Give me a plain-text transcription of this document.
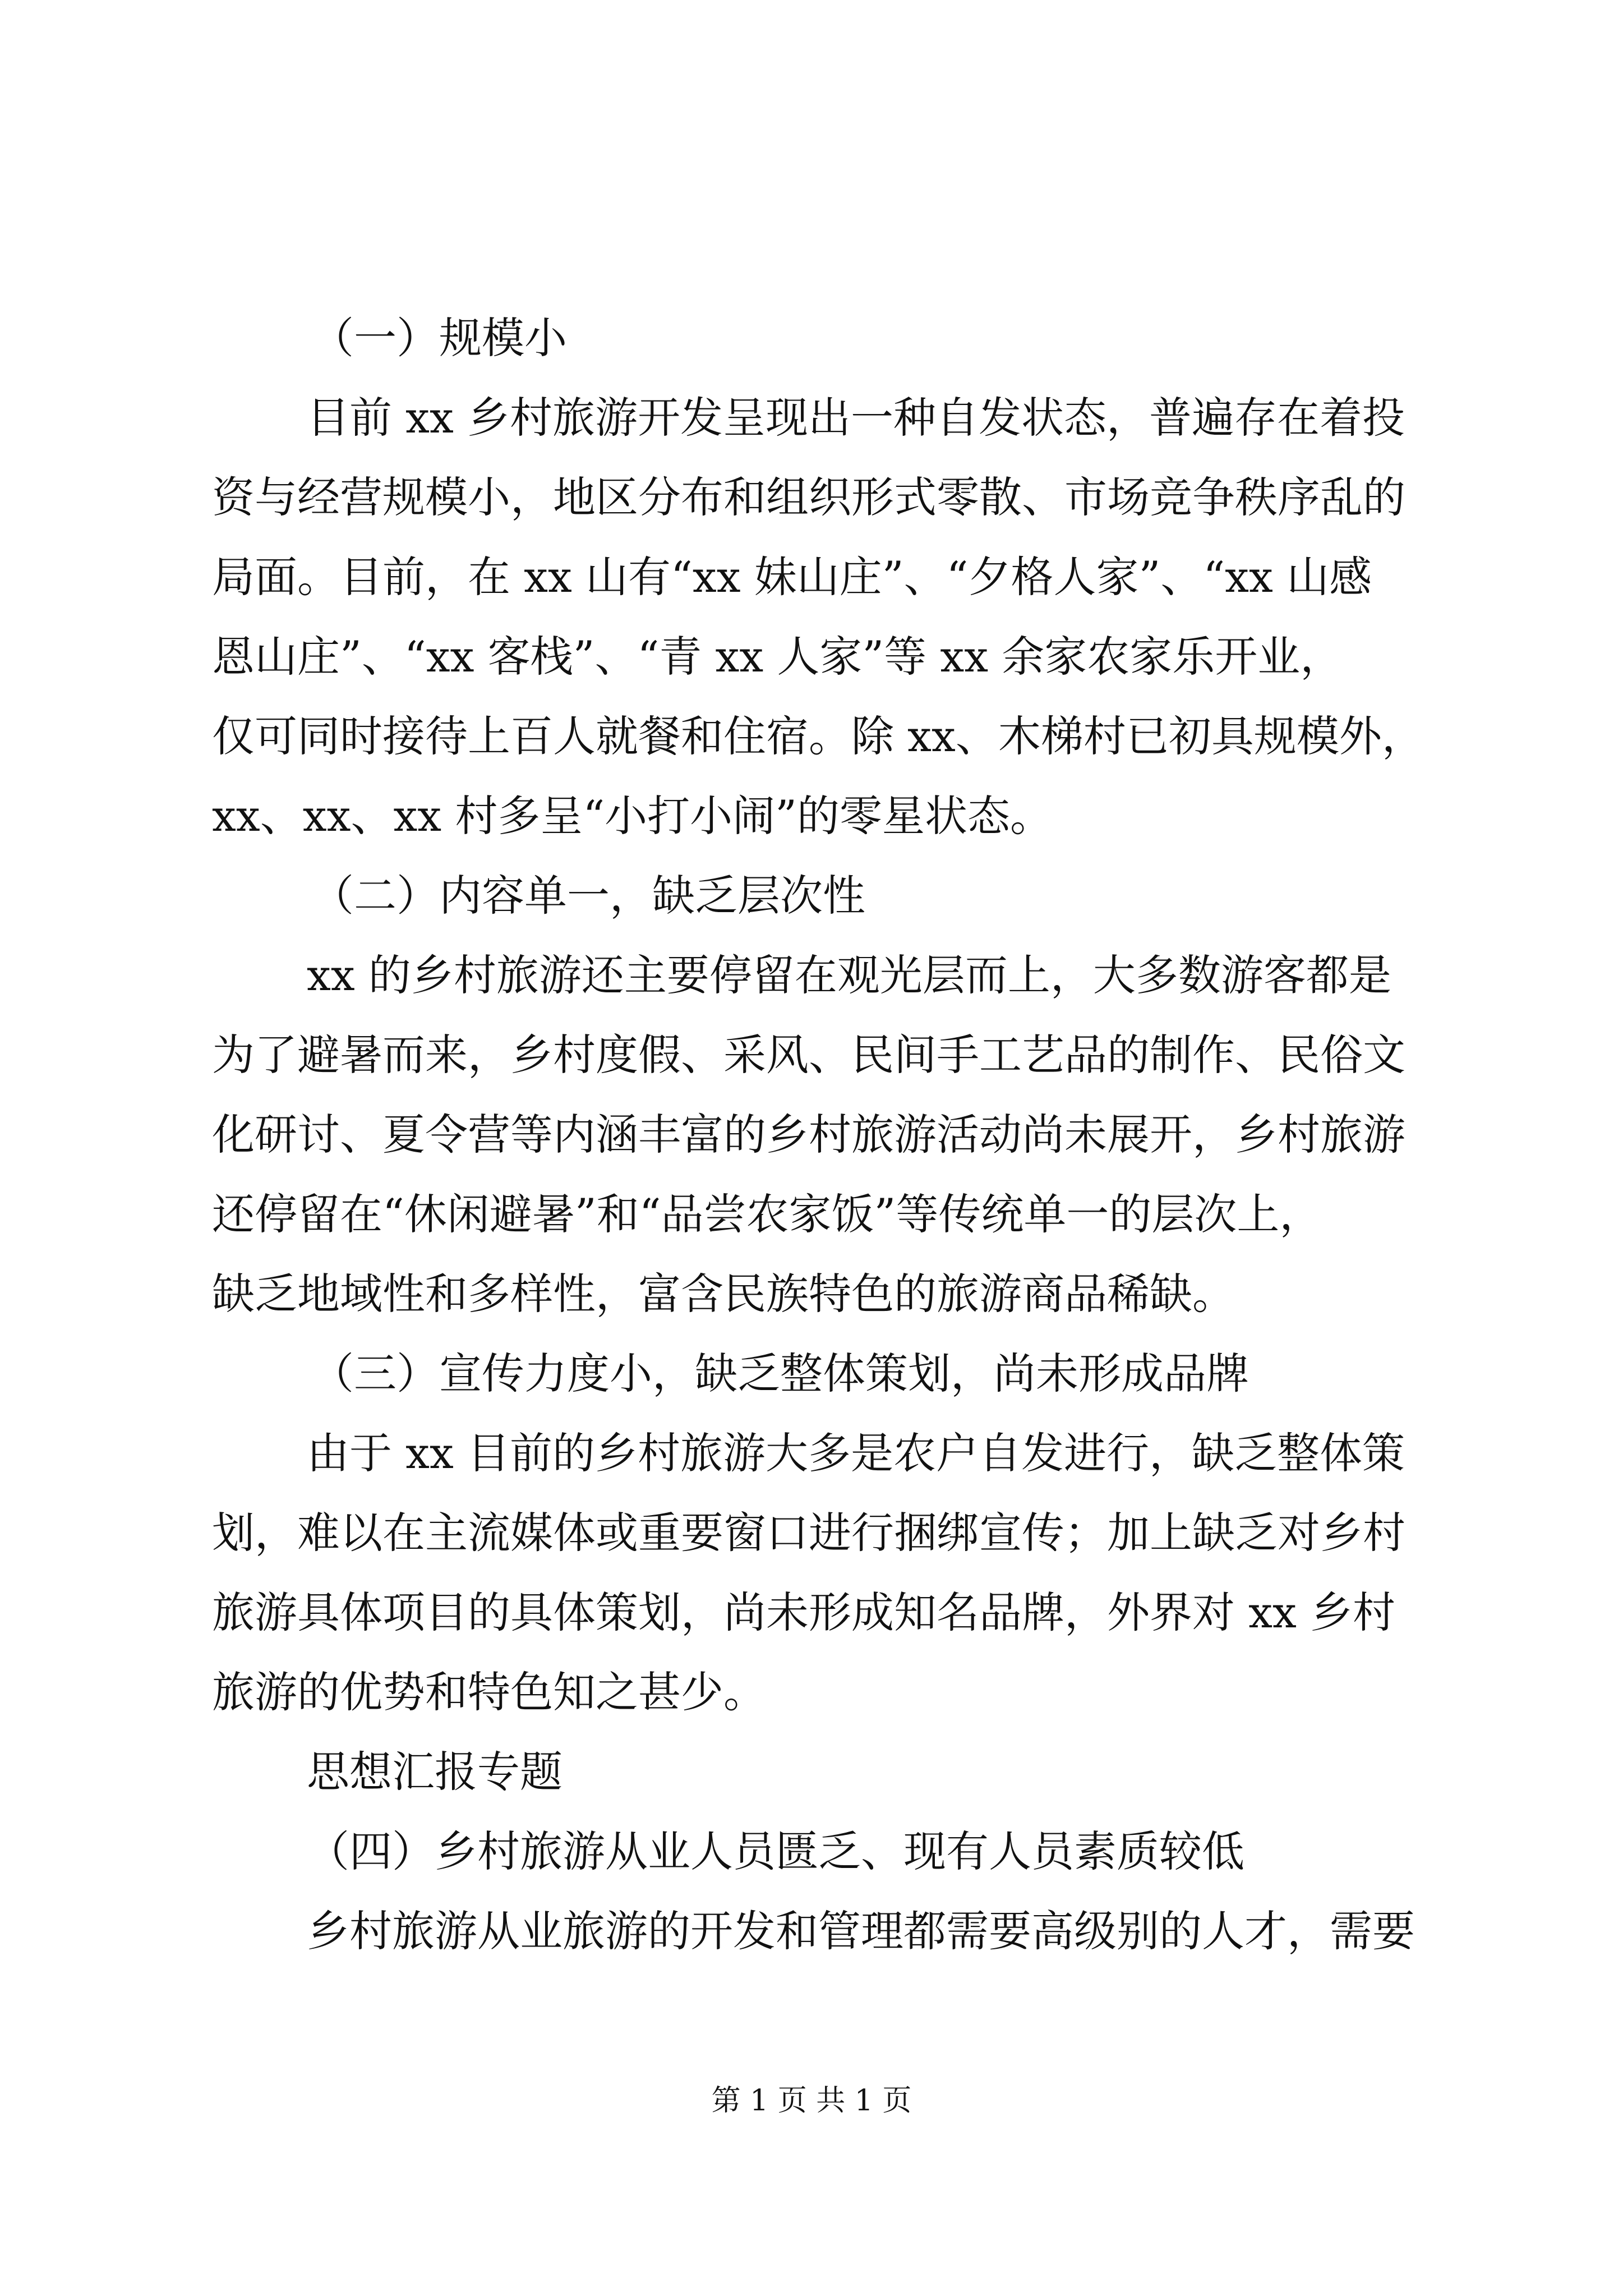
（一）规模小
目前 xx 乡村旅游开发呈现出一种自发状态，普遍存在着投
资与经营规模小，地区分布和组织形式零散、市场竞争秩序乱的
局面。目前，在 xx 山有“xx 妹山庄”、“夕格人家”、“xx 山感
恩山庄”、“xx 客栈”、“青 xx 人家”等 xx 余家农家乐开业，
仅可同时接待上百人就餐和住宿。除 xx、木梯村已初具规模外，
xx、xx、xx 村多呈“小打小闹”的零星状态。
（二）内容单一，缺乏层次性
xx 的乡村旅游还主要停留在观光层而上，大多数游客都是
为了避暑而来，乡村度假、采风、民间手工艺品的制作、民俗文
化研讨、夏令营等内涵丰富的乡村旅游活动尚未展开，乡村旅游
还停留在“休闲避暑”和“品尝农家饭”等传统单一的层次上，
缺乏地域性和多样性，富含民族特色的旅游商品稀缺。
（三）宣传力度小，缺乏整体策划，尚未形成品牌
由于 xx 目前的乡村旅游大多是农户自发进行，缺乏整体策
划，难以在主流媒体或重要窗口进行捆绑宣传；加上缺乏对乡村
旅游具体项目的具体策划，尚未形成知名品牌，外界对 xx 乡村
旅游的优势和特色知之甚少。
思想汇报专题
（四）乡村旅游从业人员匮乏、现有人员素质较低
乡村旅游从业旅游的开发和管理都需要高级别的人才，需要
第 1 页 共 1 页
